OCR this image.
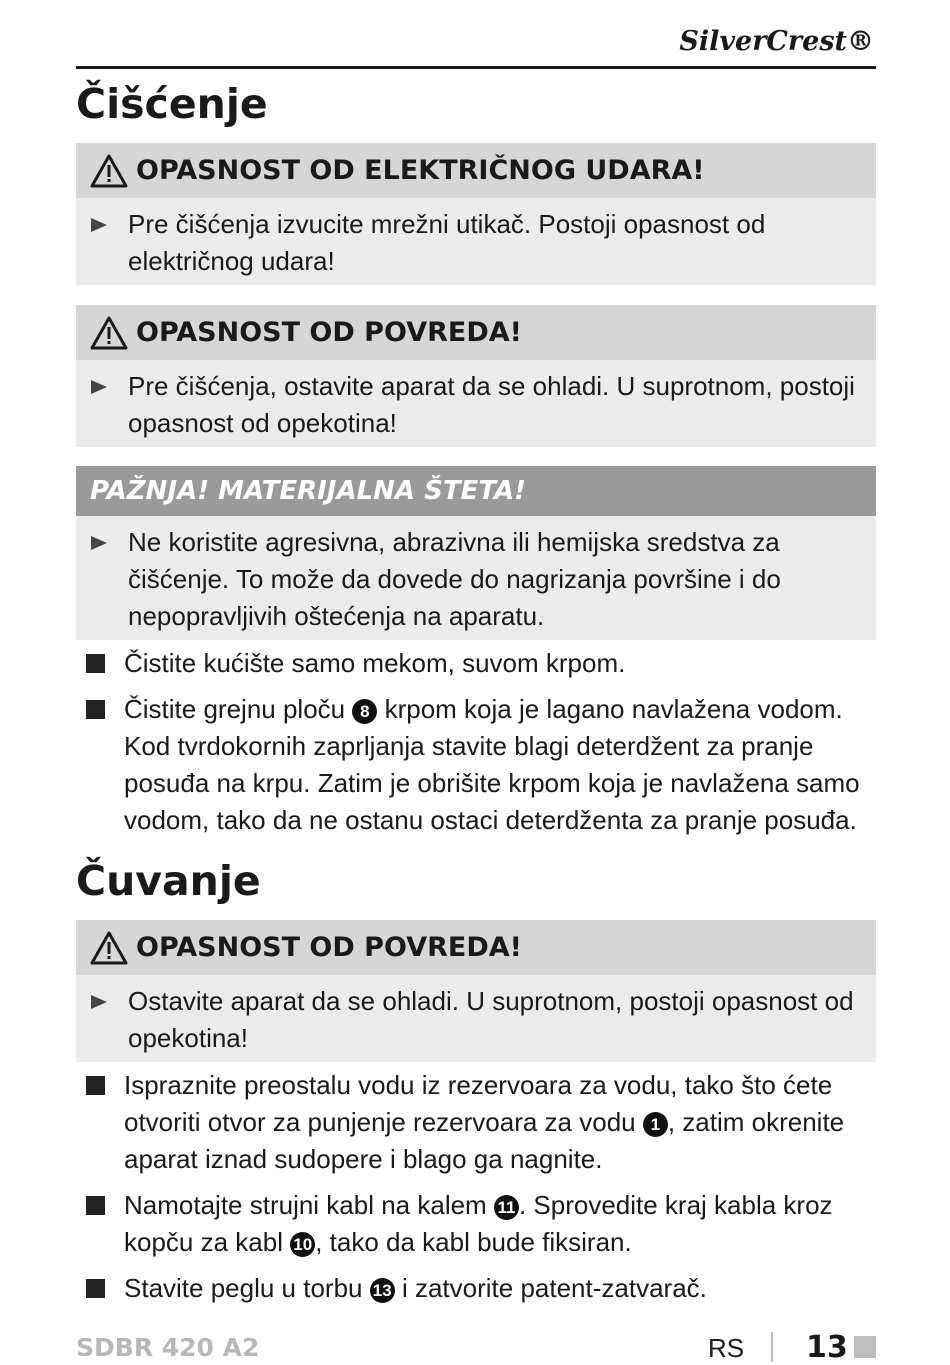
SilverCrest®
Čišćenje
OPASNOST OD ELEKTRIČNOG UDARA!
Pre čišćenja izvucite mrežni utikač. Postoji opasnost od električnog udara!
OPASNOST OD POVREDA!
Pre čišćenja, ostavite aparat da se ohladi. U suprotnom, postoji opasnost od opekotina!
PAŽNJA! MATERIJALNA ŠTETA!
Ne koristite agresivna, abrazivna ili hemijska sredstva za čišćenje. To može da dovede do nagrizanja površine i do nepopravljivih oštećenja na aparatu.
Čistite kućište samo mekom, suvom krpom.
Čistite grejnu ploču 8 krpom koja je lagano navlažena vodom. Kod tvrdokornih zaprljanja stavite blagi deterdžent za pranje posuđa na krpu. Zatim je obrišite krpom koja je navlažena samo vodom, tako da ne ostanu ostaci deterdženta za pranje posuđa.
Čuvanje
OPASNOST OD POVREDA!
Ostavite aparat da se ohladi. U suprotnom, postoji opasnost od opekotina!
Ispraznite preostalu vodu iz rezervoara za vodu, tako što ćete otvoriti otvor za punjenje rezervoara za vodu 1 , zatim okrenite aparat iznad sudopere i blago ga nagnite.
Namotajte strujni kabl na kalem 11 . Sprovedite kraj kabla kroz kopču za kabl 10 , tako da kabl bude fiksiran.
Stavite peglu u torbu 13 i zatvorite patent-zatvarač.
SDBR 420 A2	RS 13
